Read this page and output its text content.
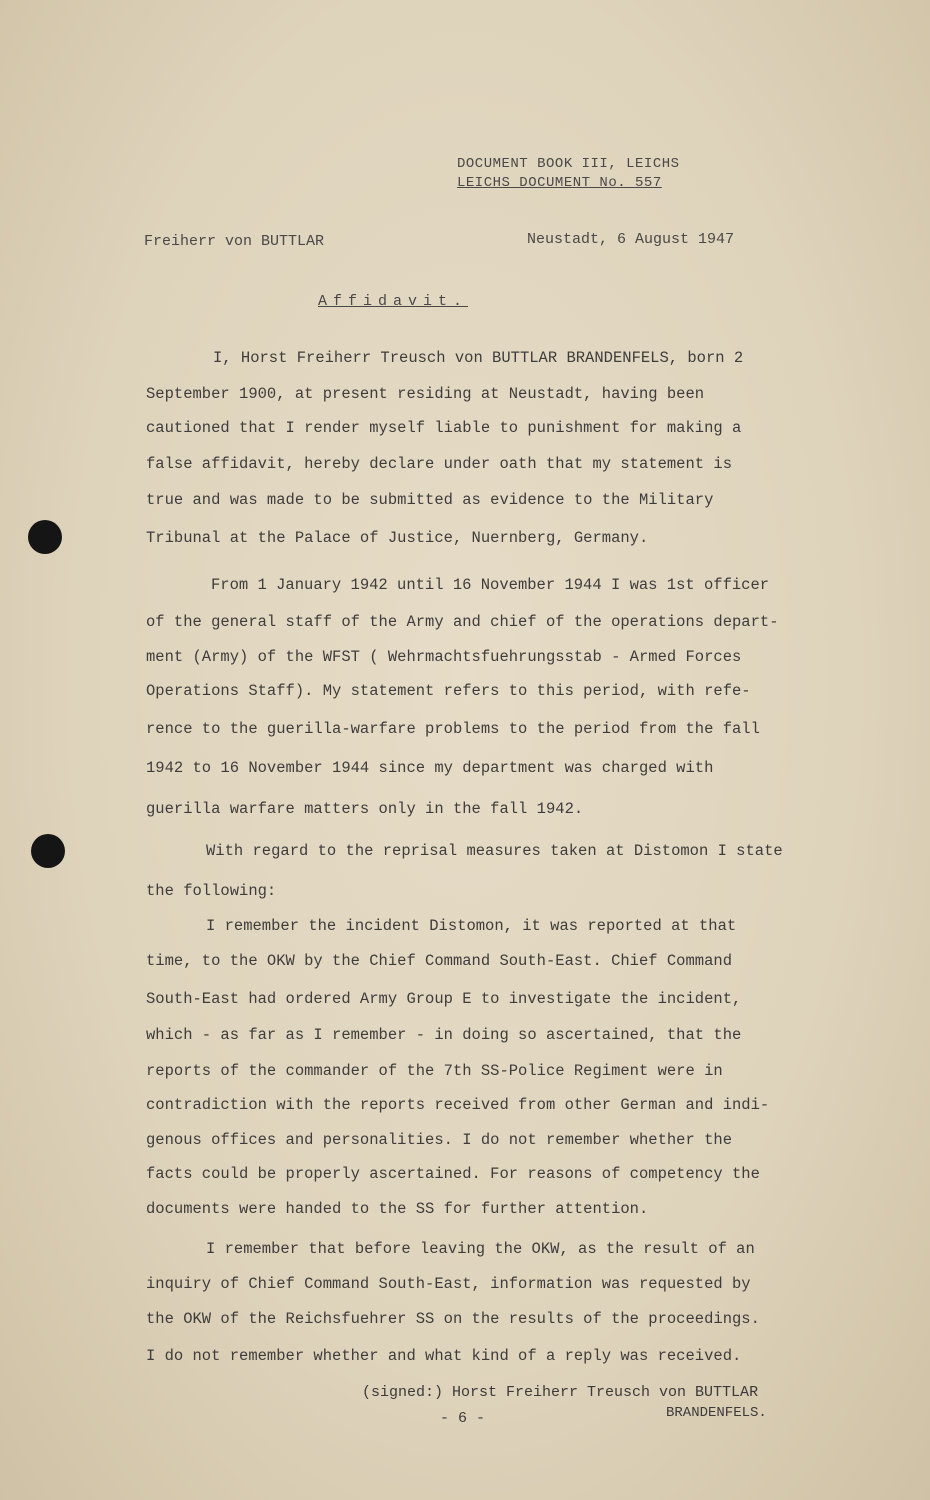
DOCUMENT BOOK III, LEICHS
LEICHS DOCUMENT No. 557
Freiherr von BUTTLAR	Neustadt, 6 August 1947
Affidavit.
I, Horst Freiherr Treusch von BUTTLAR BRANDENFELS, born 2
September 1900, at present residing at Neustadt, having been
cautioned that I render myself liable to punishment for making a
false affidavit, hereby declare under oath that my statement is
true and was made to be submitted as evidence to the Military
Tribunal at the Palace of Justice, Nuernberg, Germany.
From 1 January 1942 until 16 November 1944 I was 1st officer
of the general staff of the Army and chief of the operations depart-
ment (Army) of the WFST ( Wehrmachtsfuehrungsstab - Armed Forces
Operations Staff). My statement refers to this period, with refe-
rence to the guerilla-warfare problems to the period from the fall
1942 to 16 November 1944 since my department was charged with
guerilla warfare matters only in the fall 1942.
With regard to the reprisal measures taken at Distomon I state
the following:
I remember the incident Distomon, it was reported at that
time, to the OKW by the Chief Command South-East. Chief Command
South-East had ordered Army Group E to investigate the incident,
which - as far as I remember - in doing so ascertained, that the
reports of the commander of the 7th SS-Police Regiment were in
contradiction with the reports received from other German and indi-
genous offices and personalities. I do not remember whether the
facts could be properly ascertained. For reasons of competency the
documents were handed to the SS for further attention.
I remember that before leaving the OKW, as the result of an
inquiry of Chief Command South-East, information was requested by
the OKW of the Reichsfuehrer SS on the results of the proceedings.
I do not remember whether and what kind of a reply was received.
(signed:) Horst Freiherr Treusch von BUTTLAR
- 6 -	BRANDENFELS.
